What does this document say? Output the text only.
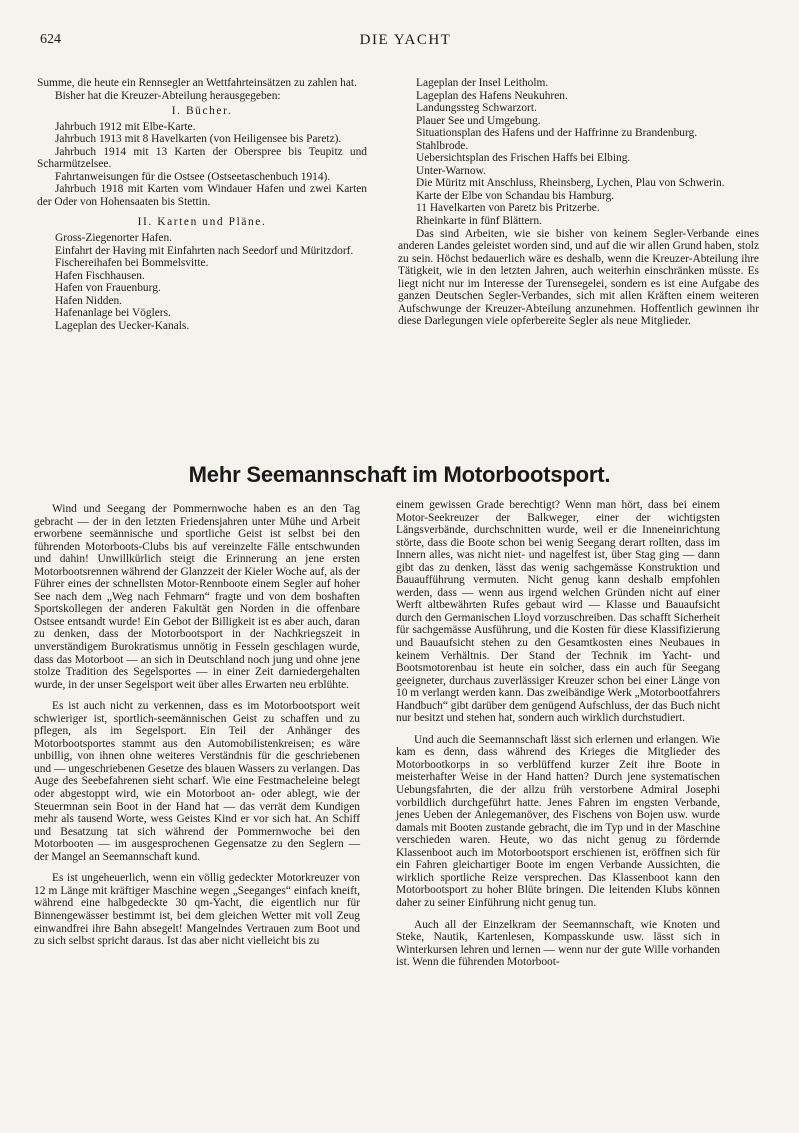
624	DIE YACHT

Summe, die heute ein Rennsegler an Wettfahrteinsätzen zu zahlen hat.

Bisher hat die Kreuzer-Abteilung herausgegeben:

I. Bücher.

Jahrbuch 1912 mit Elbe-Karte.

Jahrbuch 1913 mit 8 Havelkarten (von Heiligensee bis Paretz).

Jahrbuch 1914 mit 13 Karten der Oberspree bis Teupitz und Scharmützelsee.

Fahrtanweisungen für die Ostsee (Ostseetaschenbuch 1914).

Jahrbuch 1918 mit Karten vom Windauer Hafen und zwei Karten der Oder von Hohensaaten bis Stettin.

II. Karten und Pläne.

Gross-Ziegenorter Hafen.

Einfahrt der Having mit Einfahrten nach Seedorf und Müritzdorf.

Fischereihafen bei Bommelsvitte.

Hafen Fischhausen.

Hafen von Frauenburg.

Hafen Nidden.

Hafenanlage bei Vöglers.

Lageplan des Uecker-Kanals.

Lageplan der Insel Leitholm.

Lageplan des Hafens Neukuhren.

Landungssteg Schwarzort.

Plauer See und Umgebung.

Situationsplan des Hafens und der Haffrinne zu Brandenburg.

Stahlbrode.

Uebersichtsplan des Frischen Haffs bei Elbing.

Unter-Warnow.

Die Müritz mit Anschluss, Rheinsberg, Lychen, Plau von Schwerin.

Karte der Elbe von Schandau bis Hamburg.

11 Havelkarten von Paretz bis Pritzerbe.

Rheinkarte in fünf Blättern.

Das sind Arbeiten, wie sie bisher von keinem Segler-Verbande eines anderen Landes geleistet worden sind, und auf die wir allen Grund haben, stolz zu sein. Höchst bedauerlich wäre es deshalb, wenn die Kreuzer-Abteilung ihre Tätigkeit, wie in den letzten Jahren, auch weiterhin einschränken müsste. Es liegt nicht nur im Interesse der Turensegelei, sondern es ist eine Aufgabe des ganzen Deutschen Segler-Verbandes, sich mit allen Kräften einem weiteren Aufschwunge der Kreuzer-Abteilung anzunehmen. Hoffentlich gewinnen ihr diese Darlegungen viele opferbereite Segler als neue Mitglieder.

Mehr Seemannschaft im Motorbootsport.

Wind und Seegang der Pommernwoche haben es an den Tag gebracht — der in den letzten Friedensjahren unter Mühe und Arbeit erworbene seemännische und sportliche Geist ist selbst bei den führenden Motorboots-Clubs bis auf vereinzelte Fälle entschwunden und dahin! Unwillkürlich steigt die Erinnerung an jene ersten Motorbootsrennen während der Glanzzeit der Kieler Woche auf, als der Führer eines der schnellsten Motor-Rennboote einem Segler auf hoher See nach dem „Weg nach Fehmarn“ fragte und von dem boshaften Sportskollegen der anderen Fakultät gen Norden in die offenbare Ostsee entsandt wurde! Ein Gebot der Billigkeit ist es aber auch, daran zu denken, dass der Motorbootsport in der Nachkriegszeit in unverständigem Burokratismus unnötig in Fesseln geschlagen wurde, dass das Motorboot — an sich in Deutschland noch jung und ohne jene stolze Tradition des Segelsportes — in einer Zeit darniedergehalten wurde, in der unser Segelsport weit über alles Erwarten neu erblühte.

Es ist auch nicht zu verkennen, dass es im Motorbootsport weit schwieriger ist, sportlich-seemännischen Geist zu schaffen und zu pflegen, als im Segelsport. Ein Teil der Anhänger des Motorbootsportes stammt aus den Automobilistenkreisen; es wäre unbillig, von ihnen ohne weiteres Verständnis für die geschriebenen und — ungeschriebenen Gesetze des blauen Wassers zu verlangen. Das Auge des Seebefahrenen sieht scharf. Wie eine Festmacheleine belegt oder abgestoppt wird, wie ein Motorboot an- oder ablegt, wie der Steuermnan sein Boot in der Hand hat — das verrät dem Kundigen mehr als tausend Worte, wess Geistes Kind er vor sich hat. An Schiff und Besatzung tat sich während der Pommernwoche bei den Motorbooten — im ausgesprochenen Gegensatze zu den Seglern — der Mangel an Seemannschaft kund.

Es ist ungeheuerlich, wenn ein völlig gedeckter Motorkreuzer von 12 m Länge mit kräftiger Maschine wegen „Seeganges“ einfach kneift, während eine halbgedeckte 30 qm-Yacht, die eigentlich nur für Binnengewässer bestimmt ist, bei dem gleichen Wetter mit voll Zeug einwandfrei ihre Bahn absegelt! Mangelndes Vertrauen zum Boot und zu sich selbst spricht daraus. Ist das aber nicht vielleicht bis zu

einem gewissen Grade berechtigt? Wenn man hört, dass bei einem Motor-Seekreuzer der Balkweger, einer der wichtigsten Längsverbände, durchschnitten wurde, weil er die Inneneinrichtung störte, dass die Boote schon bei wenig Seegang derart rollten, dass im Innern alles, was nicht niet- und nagelfest ist, über Stag ging — dann gibt das zu denken, lässt das wenig sachgemässe Konstruktion und Bauaufführung vermuten. Nicht genug kann deshalb empfohlen werden, dass — wenn aus irgend welchen Gründen nicht auf einer Werft altbewährten Rufes gebaut wird — Klasse und Bauaufsicht durch den Germanischen Lloyd vorzuschreiben. Das schafft Sicherheit für sachgemässe Ausführung, und die Kosten für diese Klassifizierung und Bauaufsicht stehen zu den Gesamtkosten eines Neubaues in keinem Verhältnis. Der Stand der Technik im Yacht- und Bootsmotorenbau ist heute ein solcher, dass ein auch für Seegang geeigneter, durchaus zuverlässiger Kreuzer schon bei einer Länge von 10 m verlangt werden kann. Das zweibändige Werk „Motorbootfahrers Handbuch“ gibt darüber dem genügend Aufschluss, der das Buch nicht nur besitzt und stehen hat, sondern auch wirklich durchstudiert.

Und auch die Seemannschaft lässt sich erlernen und erlangen. Wie kam es denn, dass während des Krieges die Mitglieder des Motorbootkorps in so verblüffend kurzer Zeit ihre Boote in meisterhafter Weise in der Hand hatten? Durch jene systematischen Uebungsfahrten, die der allzu früh verstorbene Admiral Josephi vorbildlich durchgeführt hatte. Jenes Fahren im engsten Verbande, jenes Ueben der Anlegemanöver, des Fischens von Bojen usw. wurde damals mit Booten zustande gebracht, die im Typ und in der Maschine verschieden waren. Heute, wo das nicht genug zu fördernde Klassenboot auch im Motorbootsport erschienen ist, eröffnen sich für ein Fahren gleichartiger Boote im engen Verbande Aussichten, die wirklich sportliche Reize versprechen. Das Klassenboot kann den Motorbootsport zu hoher Blüte bringen. Die leitenden Klubs können daher zu seiner Einführung nicht genug tun.

Auch all der Einzelkram der Seemannschaft, wie Knoten und Steke, Nautik, Kartenlesen, Kompasskunde usw. lässt sich in Winterkursen lehren und lernen — wenn nur der gute Wille vorhanden ist. Wenn die führenden Motorboot-
